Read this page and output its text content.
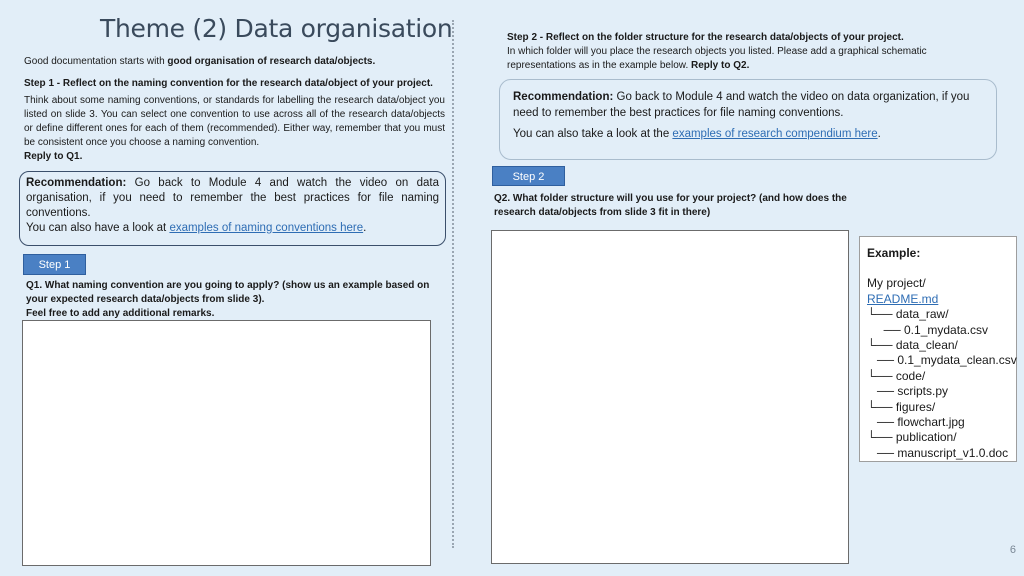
Theme (2) Data organisation
Good documentation starts with good organisation of research data/objects.
Step 1 - Reflect on the naming convention for the research data/object of your project.
Think about some naming conventions, or standards for labelling the research data/object you listed on slide 3. You can select one convention to use across all of the research data/objects or define different ones for each of them (recommended). Either way, remember that you must be consistent once you choose a naming convention.
Reply to Q1.
Recommendation: Go back to Module 4 and watch the video on data organisation, if you need to remember the best practices for file naming conventions.
You can also have a look at examples of naming conventions here.
Step 1
Q1. What naming convention are you going to apply? (show us an example based on your expected research data/objects from slide 3).
Feel free to add any additional remarks.
Step 2 - Reflect on the folder structure for the research data/objects of your project.
In which folder will you place the research objects you listed. Please add a graphical schematic representations as in the example below. Reply to Q2.
Recommendation: Go back to Module 4 and watch the video on data organization, if you need to remember the best practices for file naming conventions.
You can also take a look at the examples of research compendium here.
Step 2
Q2. What folder structure will you use for your project? (and how does the research data/objects from slide 3 fit in there)
Example:
My project/
README.md
└── data_raw/
── 0.1_mydata.csv
└── data_clean/
── 0.1_mydata_clean.csv
└── code/
── scripts.py
└── figures/
── flowchart.jpg
└── publication/
── manuscript_v1.0.doc
6
